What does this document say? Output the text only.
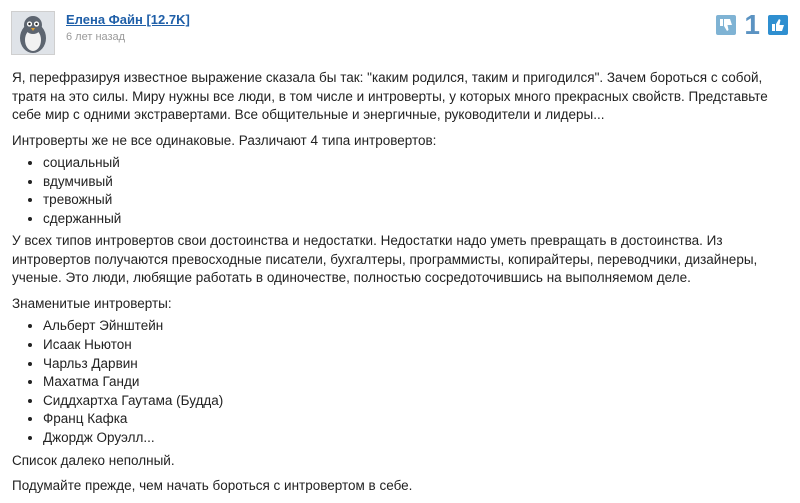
Елена Файн [12.7K]
6 лет назад	1

Я, перефразируя известное выражение сказала бы так: "каким родился, таким и пригодился". Зачем бороться с собой, тратя на это силы. Миру нужны все люди, в том числе и интроверты, у которых много прекрасных свойств. Представьте себе мир с одними экстравертами. Все общительные и энергичные, руководители и лидеры...

Интроверты же не все одинаковые. Различают 4 типа интровертов:

• социальный
• вдумчивый
• тревожный
• сдержанный

У всех типов интровертов свои достоинства и недостатки. Недостатки надо уметь превращать в достоинства. Из интровертов получаются превосходные писатели, бухгалтеры, программисты, копирайтеры, переводчики, дизайнеры, ученые. Это люди, любящие работать в одиночестве, полностью сосредоточившись на выполняемом деле.

Знаменитые интроверты:

• Альберт Эйнштейн
• Исаак Ньютон
• Чарльз Дарвин
• Махатма Ганди
• Сиддхартха Гаутама (Будда)
• Франц Кафка
• Джордж Оруэлл...

Список далеко неполный.

Подумайте прежде, чем начать бороться с интровертом в себе.
